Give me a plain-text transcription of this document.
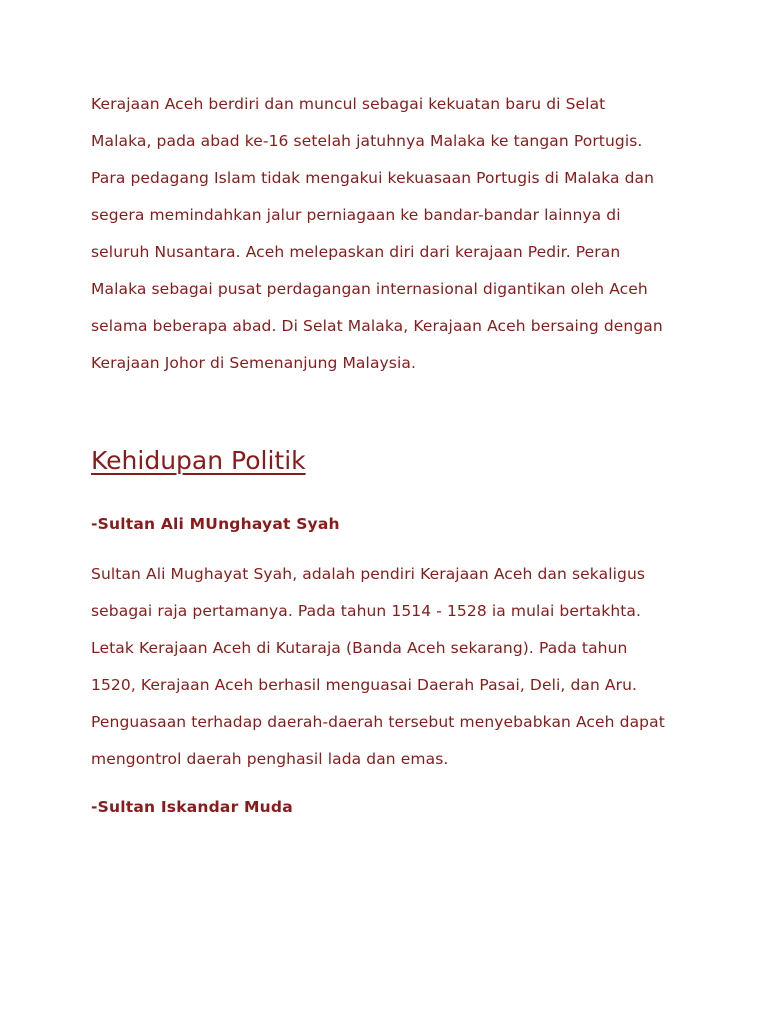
Kerajaan Aceh berdiri dan muncul sebagai kekuatan baru di Selat
Malaka, pada abad ke-16 setelah jatuhnya Malaka ke tangan Portugis.
Para pedagang Islam tidak mengakui kekuasaan Portugis di Malaka dan
segera memindahkan jalur perniagaan ke bandar-bandar lainnya di
seluruh Nusantara. Aceh melepaskan diri dari kerajaan Pedir. Peran
Malaka sebagai pusat perdagangan internasional digantikan oleh Aceh
selama beberapa abad. Di Selat Malaka, Kerajaan Aceh bersaing dengan
Kerajaan Johor di Semenanjung Malaysia.
Kehidupan Politik

-Sultan Ali MUnghayat Syah

Sultan Ali Mughayat Syah, adalah pendiri Kerajaan Aceh dan sekaligus
sebagai raja pertamanya. Pada tahun 1514 - 1528 ia mulai bertakhta.
Letak Kerajaan Aceh di Kutaraja (Banda Aceh sekarang). Pada tahun
1520, Kerajaan Aceh berhasil menguasai Daerah Pasai, Deli, dan Aru.
Penguasaan terhadap daerah-daerah tersebut menyebabkan Aceh dapat
mengontrol daerah penghasil lada dan emas.

-Sultan Iskandar Muda
